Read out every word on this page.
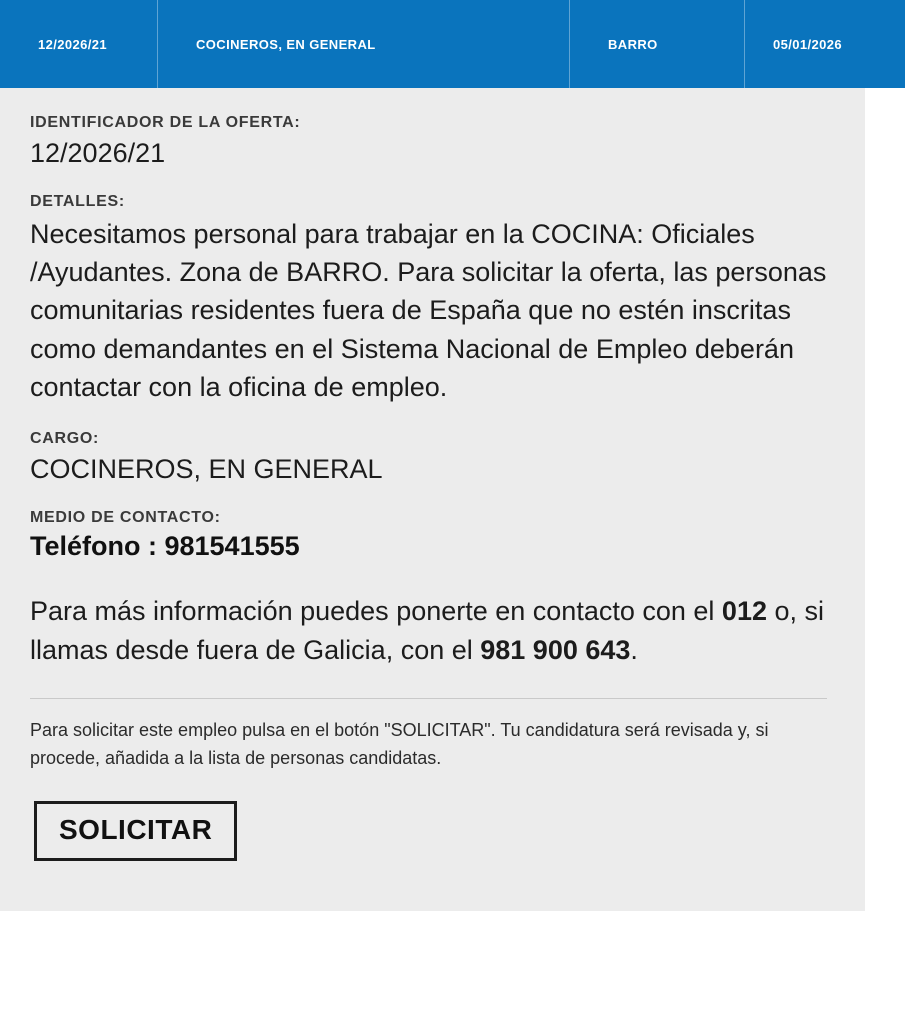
12/2026/21	COCINEROS, EN GENERAL	BARRO	05/01/2026
IDENTIFICADOR DE LA OFERTA:
12/2026/21
DETALLES:

Necesitamos personal para trabajar en la COCINA: Oficiales /Ayudantes. Zona de BARRO. Para solicitar la oferta, las personas comunitarias residentes fuera de España que no estén inscritas como demandantes en el Sistema Nacional de Empleo deberán contactar con la oficina de empleo.

CARGO:
COCINEROS, EN GENERAL
MEDIO DE CONTACTO:
Teléfono : 981541555

Para más información puedes ponerte en contacto con el 012 o, si llamas desde fuera de Galicia, con el 981 900 643.

Para solicitar este empleo pulsa en el botón "SOLICITAR". Tu candidatura será revisada y, si procede, añadida a la lista de personas candidatas.

SOLICITAR
